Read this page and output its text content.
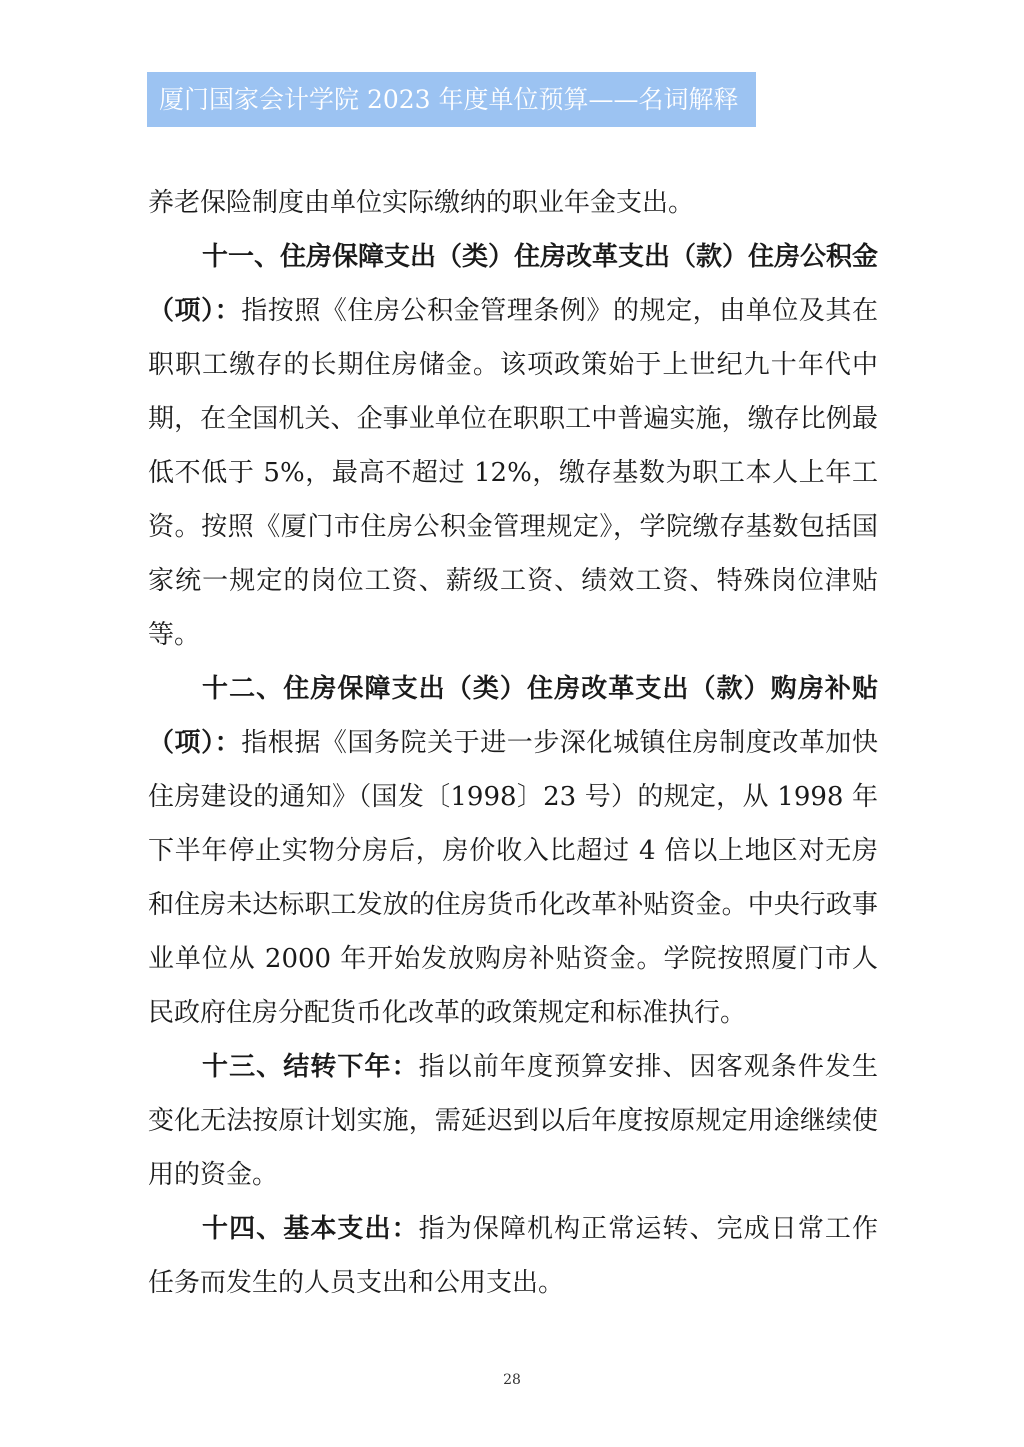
厦门国家会计学院 2023 年度单位预算——名词解释

养老保险制度由单位实际缴纳的职业年金支出。

十一、住房保障支出（类）住房改革支出（款）住房公积金（项）：指按照《住房公积金管理条例》的规定，由单位及其在职职工缴存的长期住房储金。该项政策始于上世纪九十年代中期，在全国机关、企事业单位在职职工中普遍实施，缴存比例最低不低于 5%，最高不超过 12%，缴存基数为职工本人上年工资。按照《厦门市住房公积金管理规定》，学院缴存基数包括国家统一规定的岗位工资、薪级工资、绩效工资、特殊岗位津贴等。

十二、住房保障支出（类）住房改革支出（款）购房补贴（项）：指根据《国务院关于进一步深化城镇住房制度改革加快住房建设的通知》（国发〔1998〕23 号）的规定，从 1998 年下半年停止实物分房后，房价收入比超过 4 倍以上地区对无房和住房未达标职工发放的住房货币化改革补贴资金。中央行政事业单位从 2000 年开始发放购房补贴资金。学院按照厦门市人民政府住房分配货币化改革的政策规定和标准执行。

十三、结转下年：指以前年度预算安排、因客观条件发生变化无法按原计划实施，需延迟到以后年度按原规定用途继续使用的资金。

十四、基本支出：指为保障机构正常运转、完成日常工作任务而发生的人员支出和公用支出。

28
